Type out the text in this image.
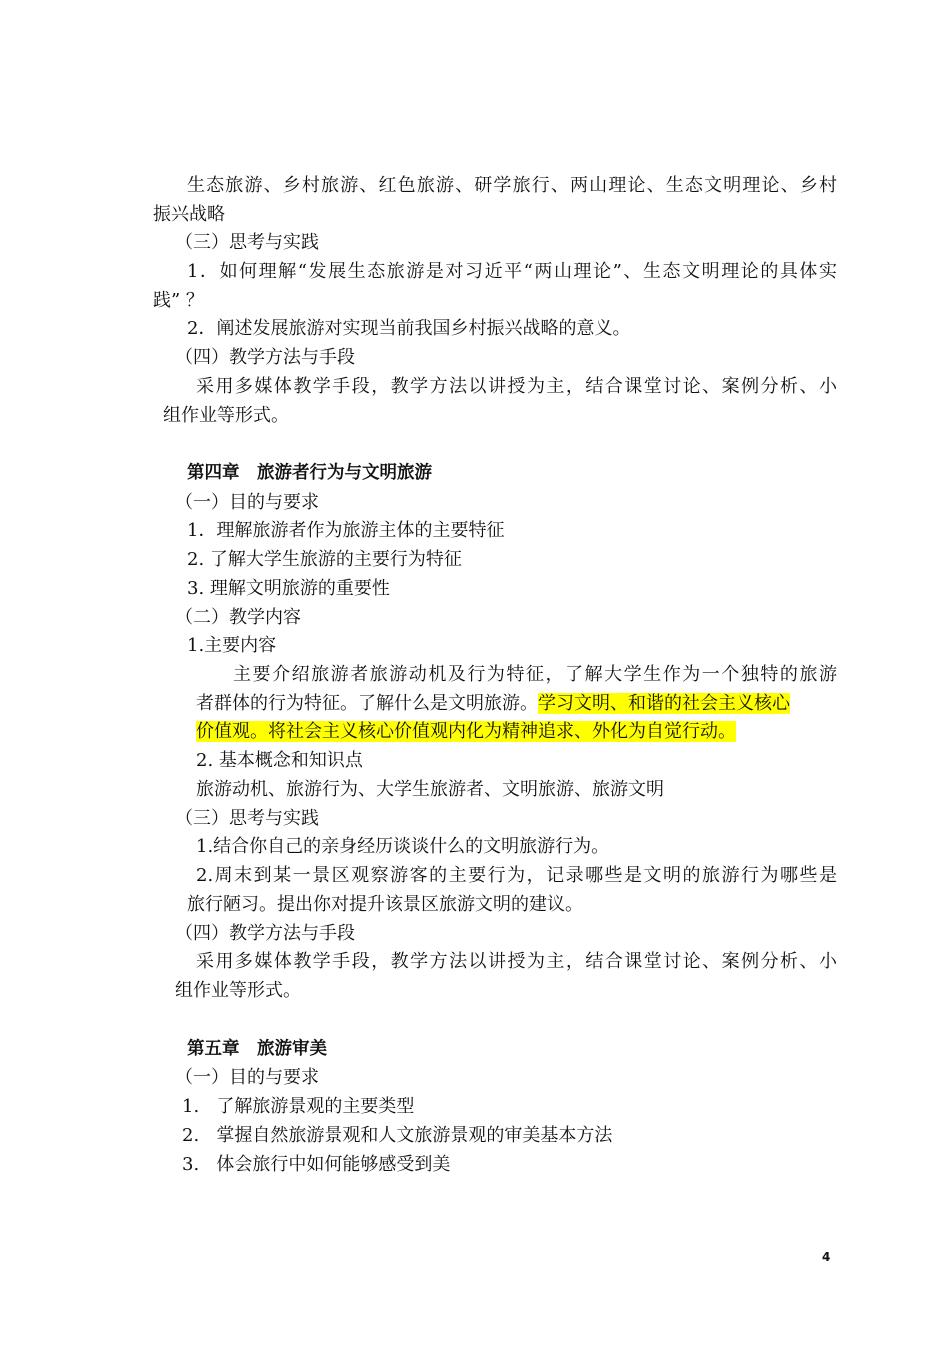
生态旅游、乡村旅游、红色旅游、研学旅行、两山理论、生态文明理论、乡村
振兴战略
（三）思考与实践
1．如何理解“发展生态旅游是对习近平“两山理论”、生态文明理论的具体实
践” ？
2．阐述发展旅游对实现当前我国乡村振兴战略的意义。
（四）教学方法与手段
采用多媒体教学手段，教学方法以讲授为主，结合课堂讨论、案例分析、小
组作业等形式。
第四章　旅游者行为与文明旅游
（一）目的与要求
1．理解旅游者作为旅游主体的主要特征
2. 了解大学生旅游的主要行为特征
3. 理解文明旅游的重要性
（二）教学内容
1.主要内容
主要介绍旅游者旅游动机及行为特征，了解大学生作为一个独特的旅游
者群体的行为特征。了解什么是文明旅游。学习文明、和谐的社会主义核心
价值观。将社会主义核心价值观内化为精神追求、外化为自觉行动。
2. 基本概念和知识点
旅游动机、旅游行为、大学生旅游者、文明旅游、旅游文明
（三）思考与实践
1.结合你自己的亲身经历谈谈什么的文明旅游行为。
2.周末到某一景区观察游客的主要行为，记录哪些是文明的旅游行为哪些是
旅行陋习。提出你对提升该景区旅游文明的建议。
（四）教学方法与手段
采用多媒体教学手段，教学方法以讲授为主，结合课堂讨论、案例分析、小
组作业等形式。
第五章　旅游审美
（一）目的与要求
1.   了解旅游景观的主要类型
2.   掌握自然旅游景观和人文旅游景观的审美基本方法
3.   体会旅行中如何能够感受到美
4
